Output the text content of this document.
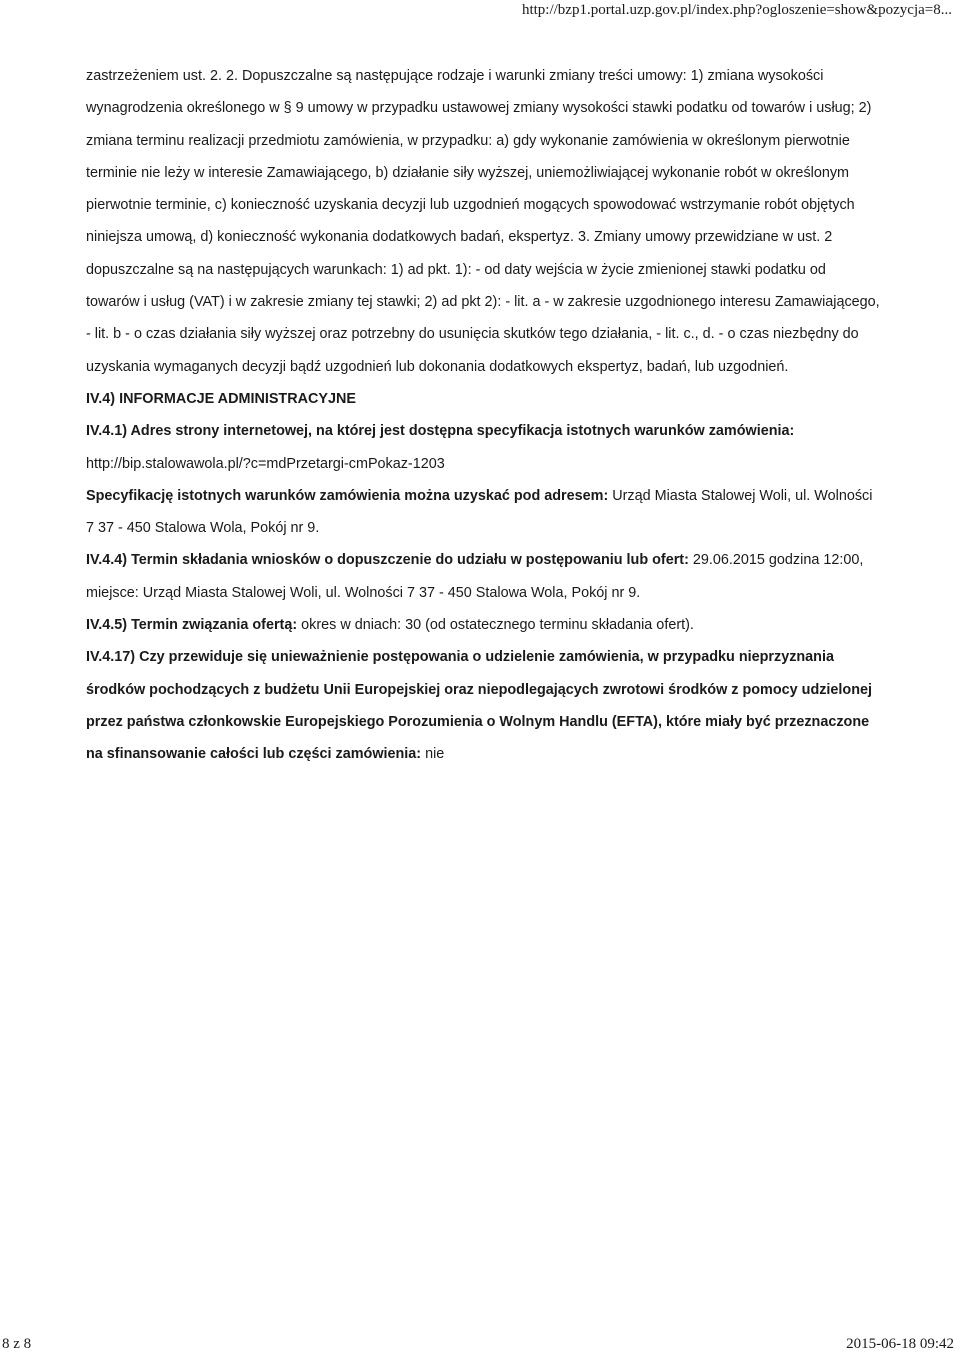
http://bzp1.portal.uzp.gov.pl/index.php?ogloszenie=show&pozycja=8...

zastrzeżeniem ust. 2. 2. Dopuszczalne są następujące rodzaje i warunki zmiany treści umowy: 1) zmiana wysokości wynagrodzenia określonego w § 9 umowy w przypadku ustawowej zmiany wysokości stawki podatku od towarów i usług; 2) zmiana terminu realizacji przedmiotu zamówienia, w przypadku: a) gdy wykonanie zamówienia w określonym pierwotnie terminie nie leży w interesie Zamawiającego, b) działanie siły wyższej, uniemożliwiającej wykonanie robót w określonym pierwotnie terminie, c) konieczność uzyskania decyzji lub uzgodnień mogących spowodować wstrzymanie robót objętych niniejsza umową, d) konieczność wykonania dodatkowych badań, ekspertyz. 3. Zmiany umowy przewidziane w ust. 2 dopuszczalne są na następujących warunkach: 1) ad pkt. 1): - od daty wejścia w życie zmienionej stawki podatku od towarów i usług (VAT) i w zakresie zmiany tej stawki; 2) ad pkt 2): - lit. a - w zakresie uzgodnionego interesu Zamawiającego, - lit. b - o czas działania siły wyższej oraz potrzebny do usunięcia skutków tego działania, - lit. c., d. - o czas niezbędny do uzyskania wymaganych decyzji bądź uzgodnień lub dokonania dodatkowych ekspertyz, badań, lub uzgodnień.

IV.4) INFORMACJE ADMINISTRACYJNE

IV.4.1) Adres strony internetowej, na której jest dostępna specyfikacja istotnych warunków zamówienia: http://bip.stalowawola.pl/?c=mdPrzetargi-cmPokaz-1203

Specyfikację istotnych warunków zamówienia można uzyskać pod adresem: Urząd Miasta Stalowej Woli, ul. Wolności 7 37 - 450 Stalowa Wola, Pokój nr 9.

IV.4.4) Termin składania wniosków o dopuszczenie do udziału w postępowaniu lub ofert: 29.06.2015 godzina 12:00, miejsce: Urząd Miasta Stalowej Woli, ul. Wolności 7 37 - 450 Stalowa Wola, Pokój nr 9.

IV.4.5) Termin związania ofertą: okres w dniach: 30 (od ostatecznego terminu składania ofert).

IV.4.17) Czy przewiduje się unieważnienie postępowania o udzielenie zamówienia, w przypadku nieprzyznania środków pochodzących z budżetu Unii Europejskiej oraz niepodlegających zwrotowi środków z pomocy udzielonej przez państwa członkowskie Europejskiego Porozumienia o Wolnym Handlu (EFTA), które miały być przeznaczone na sfinansowanie całości lub części zamówienia: nie

8 z 8	2015-06-18 09:42
